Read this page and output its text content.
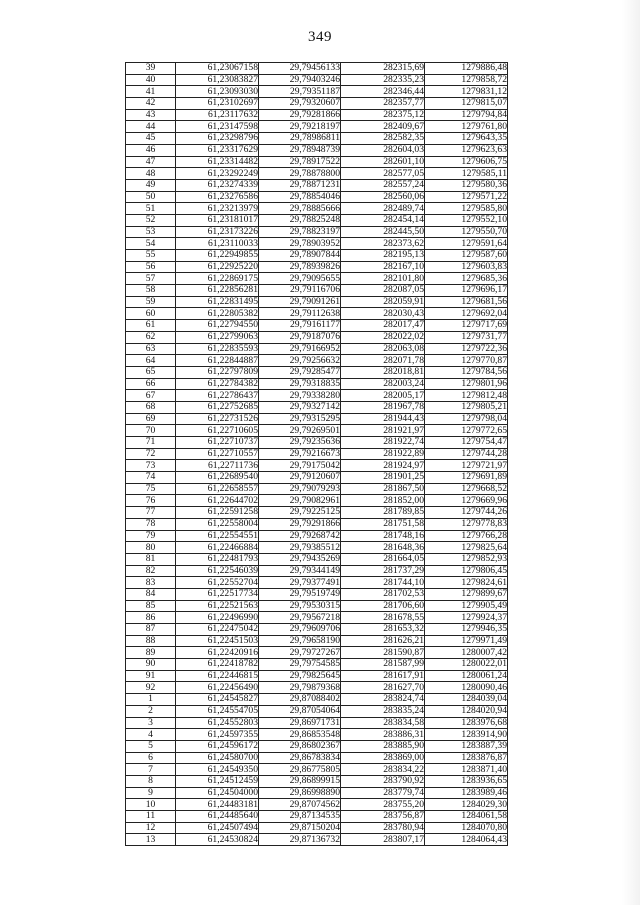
349
39	61,23067158	29,79456133	282315,69	1279886,48
40	61,23083827	29,79403246	282335,23	1279858,72
41	61,23093030	29,79351187	282346,44	1279831,12
42	61,23102697	29,79320607	282357,77	1279815,07
43	61,23117632	29,79281866	282375,12	1279794,84
44	61,23147598	29,79218197	282409,67	1279761,80
45	61,23298796	29,78986811	282582,35	1279643,35
46	61,23317629	29,78948739	282604,03	1279623,63
47	61,23314482	29,78917522	282601,10	1279606,75
48	61,23292249	29,78878800	282577,05	1279585,11
49	61,23274339	29,78871231	282557,24	1279580,36
50	61,23276586	29,78854046	282560,06	1279571,22
51	61,23213979	29,78885666	282489,74	1279585,80
52	61,23181017	29,78825248	282454,14	1279552,10
53	61,23173226	29,78823197	282445,50	1279550,70
54	61,23110033	29,78903952	282373,62	1279591,64
55	61,22949855	29,78907844	282195,13	1279587,60
56	61,22925220	29,78939826	282167,10	1279603,83
57	61,22869175	29,79095655	282101,80	1279685,36
58	61,22856281	29,79116706	282087,05	1279696,17
59	61,22831495	29,79091261	282059,91	1279681,56
60	61,22805382	29,79112638	282030,43	1279692,04
61	61,22794550	29,79161177	282017,47	1279717,69
62	61,22799063	29,79187076	282022,02	1279731,77
63	61,22835593	29,79166952	282063,08	1279722,36
64	61,22844887	29,79256632	282071,78	1279770,87
65	61,22797809	29,79285477	282018,81	1279784,56
66	61,22784382	29,79318835	282003,24	1279801,96
67	61,22786437	29,79338280	282005,17	1279812,48
68	61,22752685	29,79327142	281967,78	1279805,21
69	61,22731526	29,79315295	281944,43	1279798,04
70	61,22710605	29,79269501	281921,97	1279772,65
71	61,22710737	29,79235636	281922,74	1279754,47
72	61,22710557	29,79216673	281922,89	1279744,28
73	61,22711736	29,79175042	281924,97	1279721,97
74	61,22689540	29,79120607	281901,25	1279691,89
75	61,22658557	29,79079293	281867,50	1279668,52
76	61,22644702	29,79082961	281852,00	1279669,96
77	61,22591258	29,79225125	281789,85	1279744,26
78	61,22558004	29,79291866	281751,58	1279778,83
79	61,22554551	29,79268742	281748,16	1279766,28
80	61,22466884	29,79385512	281648,36	1279825,64
81	61,22481793	29,79435269	281664,05	1279852,93
82	61,22546039	29,79344149	281737,29	1279806,45
83	61,22552704	29,79377491	281744,10	1279824,61
84	61,22517734	29,79519749	281702,53	1279899,67
85	61,22521563	29,79530315	281706,60	1279905,49
86	61,22496990	29,79567218	281678,55	1279924,37
87	61,22475042	29,79609706	281653,32	1279946,35
88	61,22451503	29,79658190	281626,21	1279971,49
89	61,22420916	29,79727267	281590,87	1280007,42
90	61,22418782	29,79754585	281587,99	1280022,01
91	61,22446815	29,79825645	281617,91	1280061,24
92	61,22456490	29,79879368	281627,70	1280090,46
1	61,24545827	29,87088402	283824,74	1284039,04
2	61,24554705	29,87054064	283835,24	1284020,94
3	61,24552803	29,86971731	283834,58	1283976,68
4	61,24597355	29,86853548	283886,31	1283914,90
5	61,24596172	29,86802367	283885,90	1283887,39
6	61,24580700	29,86783834	283869,00	1283876,87
7	61,24549350	29,86775805	283834,22	1283871,40
8	61,24512459	29,86899915	283790,92	1283936,65
9	61,24504000	29,86998890	283779,74	1283989,46
10	61,24483181	29,87074562	283755,20	1284029,30
11	61,24485640	29,87134535	283756,87	1284061,58
12	61,24507494	29,87150204	283780,94	1284070,80
13	61,24530824	29,87136732	283807,17	1284064,43
